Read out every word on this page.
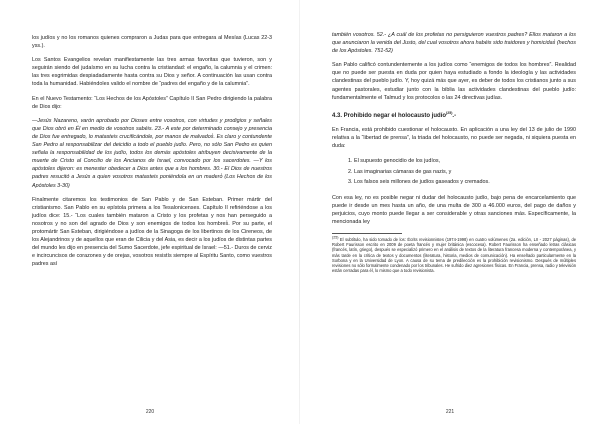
los judíos y no los romanos quienes compraron a Judas para que entregara al Mesías (Lucas 22-3 yss.).

Los Santos Evangelios revelan manifiestamente las tres armas favoritas que tuvieron, son y seguirán siendo del judaísmo en su lucha contra la cristiandad: el engaño, la calumnia y el crimen: las tres esgrimidas despiadadamente hasta contra su Dios y señor. A continuación las usan contra toda la humanidad. Habiéndoles valido el nombre de “padres del engaño y de la calumnia”.

En el Nuevo Testamento: “Los Hechos de los Apóstoles” Capítulo II San Pedro dirigiendo la palabra de Dios dijo:

—Jesús Nazareno, varón aprobado por Dioses entre vosotros, con virtudes y prodigios y señales que Dios obró en Él en medio de vosotros sabéis. 23.- A este por determinado consejo y presencia de Dios fue entregado, lo matasteis crucificándole, por manos de malvados̓. Es claro y contundente San Pedro al responsabilizar del deicidio a todo el pueblo judío. Pero, no sólo San Pedro es quien señala la responsabilidad de los judío, todos los demás apóstoles atribuyen decisivamente de la muerte de Cristo al Concilio de los Ancianos de Israel, convocado por los sacerdotes. —Y los apóstoles dijeron: es menester obedecer a Dios antes que a los hombres. 30.- El Dios de nuestros padres resucitó a Jesús a quien vosotros matasteis poniéndola en un madero̓ (Los Hechos de los Apóstoles 3-30)

Finalmente citaremos los testimonios de San Pablo y de San Esteban. Primer mártir del cristianismo. San Pablo en su epístola primera a los Tesalonicenses. Capítulo II refiriéndose a los judíos dice: 15.- “Los cuales también mataron a Cristo y los profetas y nos han perseguido a nosotros y no son del agrado de Dios y son enemigos de todos los hombres̓. Por su parte, el protomártir San Esteban, dirigiéndose a judíos de la Sinagoga de los libertinos de los Cireneos, de los Alejandrinos y de aquellos que eran de Cilicia y del Asia, es decir a los judíos de distintas partes del mundo les dijo en presencia del Sumo Sacerdote, jefe espiritual de Israel: —51.- Duros de cerviz e incircuncisos de corazones y de orejas, vosotros resistís siempre al Espíritu Santo, como vuestros padres así

220

también vosotros. 52.- ¿A cuál de los profetas no persiguieron vuestros padres? Ellos mataron a los que anunciaron la venida del Justo, del cual vosotros ahora habéis sido traidores y homicidas̓ (hechos de los Apóstoles. 751-52)

San Pablo calificó contundentemente a los judíos como “enemigos de todos los hombres”. Realidad que no puede ser puesta en duda por quien haya estudiado a fondo la ideología y las actividades clandestinas del pueblo judío. Y, hoy quizá más que ayer, es deber de todos los cristianos junto a sus agentes pastorales, estudiar junto con la biblia las actividades clandestinas del pueblo judío: fundamentalmente el Talmud y los protocolos o las 24 directivas judías.

4.3. Prohibido negar el holocausto judío$^{(25)}$.-

En Francia, está prohibido cuestionar el holocausto. En aplicación a una ley del 13 de julio de 1990 relativa a la “libertad de prensa”, la triada del holocausto, no puede ser negada, ni siquiera puesta en duda:

1. El supuesto genocidio de los judíos,
2. Las imaginarias cámaras de gas nazis, y
3. Los falsos seis millones de judíos gaseados y cremados.

Con esa ley, no es posible negar ni dudar del holocausto judío, bajo pena de encarcelamiento que puede ir desde un mes hasta un año, de una multa de 300 a 46.000 euros, del pago de daños y perjuicios, cuyo monto puede llegar a ser considerable y otras sanciones más. Específicamente, la mencionada ley

$^{(25)}$ El subtítulo, ha sido tomado de los: Écrits revisionnistes (1974-1998) en cuatro volúmenes (2a. edición, LII - 2027 páginas), de Robert Faurisson escrito en 2009 de poeta francés y mujer británica (escocesa). Robert Faurisson ha enseñado letras clásicas (francés, latín, griego), después se especializó primero en el análisis de textos de la literatura francesa moderna y contemporánea, y más tarde en la crítica de textos y documentos (literatura, historia, medios de comunicación). Ha enseñado particularmente en la Sorbona y en la Universidad de Lyon. A causa de su tema de predilección es la prohibición revisionismo. Después de múltiples revisiones no sólo formalmente condenado por los tribunales. He sufrido diez agresiones físicas. En Francia, prensa, radio y televisión están cerradas para él, lo mismo que a todo revisionista.

221
